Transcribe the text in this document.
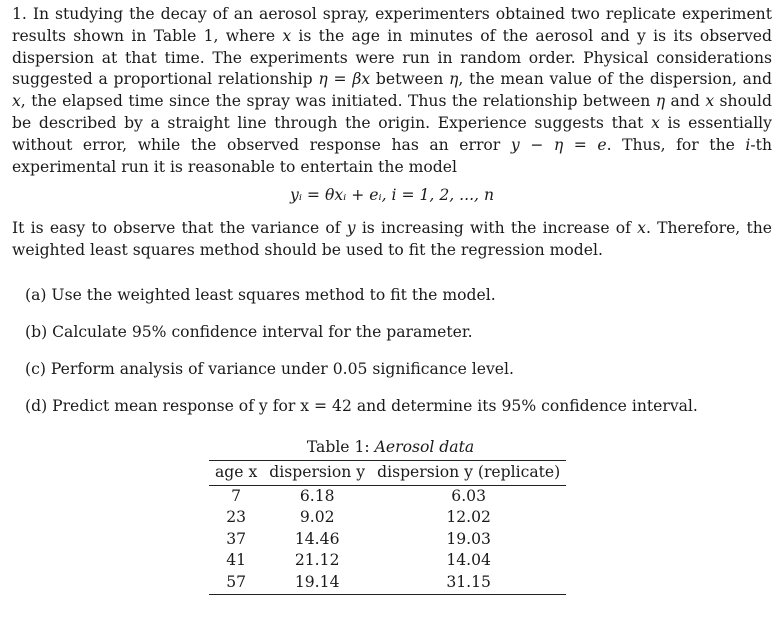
1. In studying the decay of an aerosol spray, experimenters obtained two replicate experiment results shown in Table 1, where x is the age in minutes of the aerosol and y is its observed dispersion at that time. The experiments were run in random order. Physical considerations suggested a proportional relationship η = βx between η, the mean value of the dispersion, and x, the elapsed time since the spray was initiated. Thus the relationship between η and x should be described by a straight line through the origin. Experience suggests that x is essentially without error, while the observed response has an error y − η = e. Thus, for the i-th experimental run it is reasonable to entertain the model

yᵢ = θxᵢ + eᵢ, i = 1, 2, ..., n

It is easy to observe that the variance of y is increasing with the increase of x. Therefore, the weighted least squares method should be used to fit the regression model.

(a) Use the weighted least squares method to fit the model.
(b) Calculate 95% confidence interval for the parameter.
(c) Perform analysis of variance under 0.05 significance level.
(d) Predict mean response of y for x = 42 and determine its 95% confidence interval.
Table 1: Aerosol data
age x	dispersion y	dispersion y (replicate)
7	6.18	6.03
23	9.02	12.02
37	14.46	19.03
41	21.12	14.04
57	19.14	31.15
